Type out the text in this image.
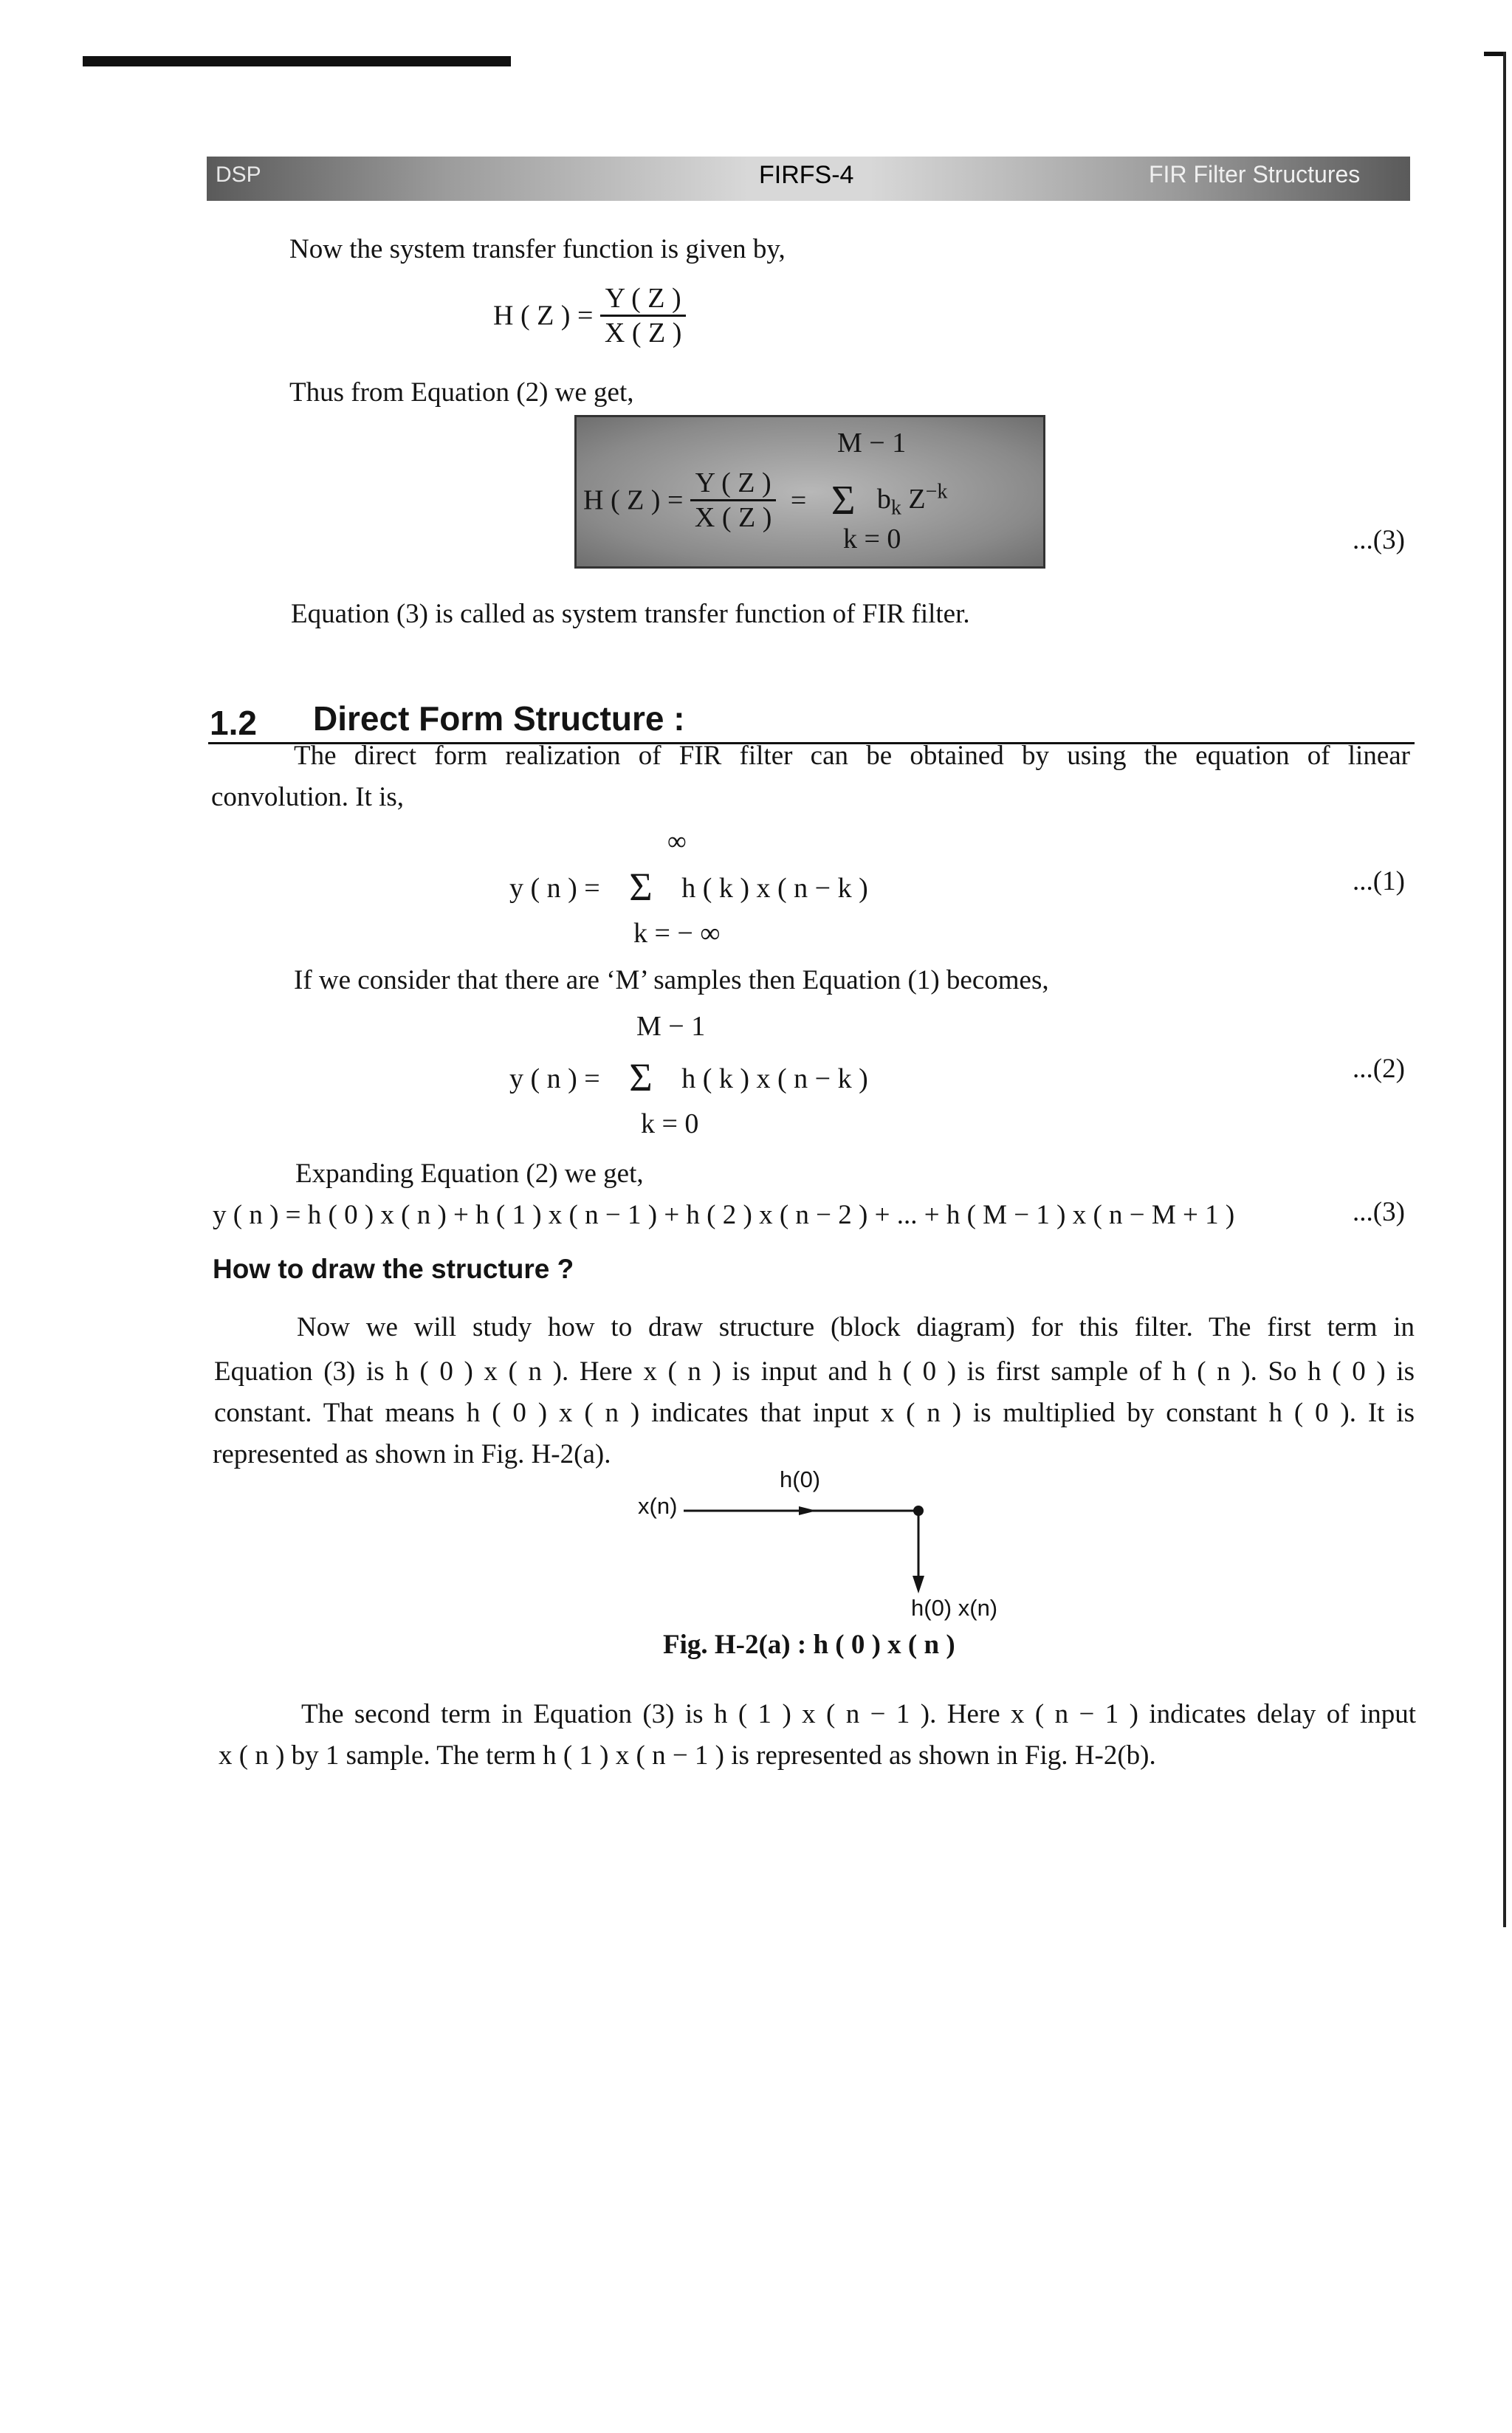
DSP	FIRFS-4	FIR Filter Structures
Now the system transfer function is given by,
H ( Z ) = $\frac{Y ( Z )}{X ( Z )}$
Thus from Equation (2) we get,
M − 1
H ( Z ) = $\frac{Y ( Z )}{X ( Z )} = \Sigma$ $b_k$ $Z^{-k}$
k = 0	...(3)
Equation (3) is called as system transfer function of FIR filter.
1.2 Direct Form Structure :
The direct form realization of FIR filter can be obtained by using the equation of linear
convolution. It is,
∞
y ( n ) = Σ h ( k ) x ( n − k )
k = − ∞
...(1)
If we consider that there are ‘M’ samples then Equation (1) becomes,
M − 1
y ( n ) = Σ h ( k ) x ( n − k )
k = 0
...(2)
Expanding Equation (2) we get,
y ( n ) = h ( 0 ) x ( n ) + h ( 1 ) x ( n − 1 ) + h ( 2 ) x ( n − 2 ) + ... + h ( M − 1 ) x ( n − M + 1 )	...(3)
How to draw the structure ?
Now we will study how to draw structure (block diagram) for this filter. The first term in
Equation (3) is h ( 0 ) x ( n ). Here x ( n ) is input and h ( 0 ) is first sample of h ( n ). So h ( 0 ) is
constant. That means h ( 0 ) x ( n ) indicates that input x ( n ) is multiplied by constant h ( 0 ). It is
represented as shown in Fig. H-2(a).
x(n)
h(0)
h(0) x(n)
Fig. H-2(a) : h ( 0 ) x ( n )
The second term in Equation (3) is h ( 1 ) x ( n − 1 ). Here x ( n − 1 ) indicates delay of input
x ( n ) by 1 sample. The term h ( 1 ) x ( n − 1 ) is represented as shown in Fig. H-2(b).
